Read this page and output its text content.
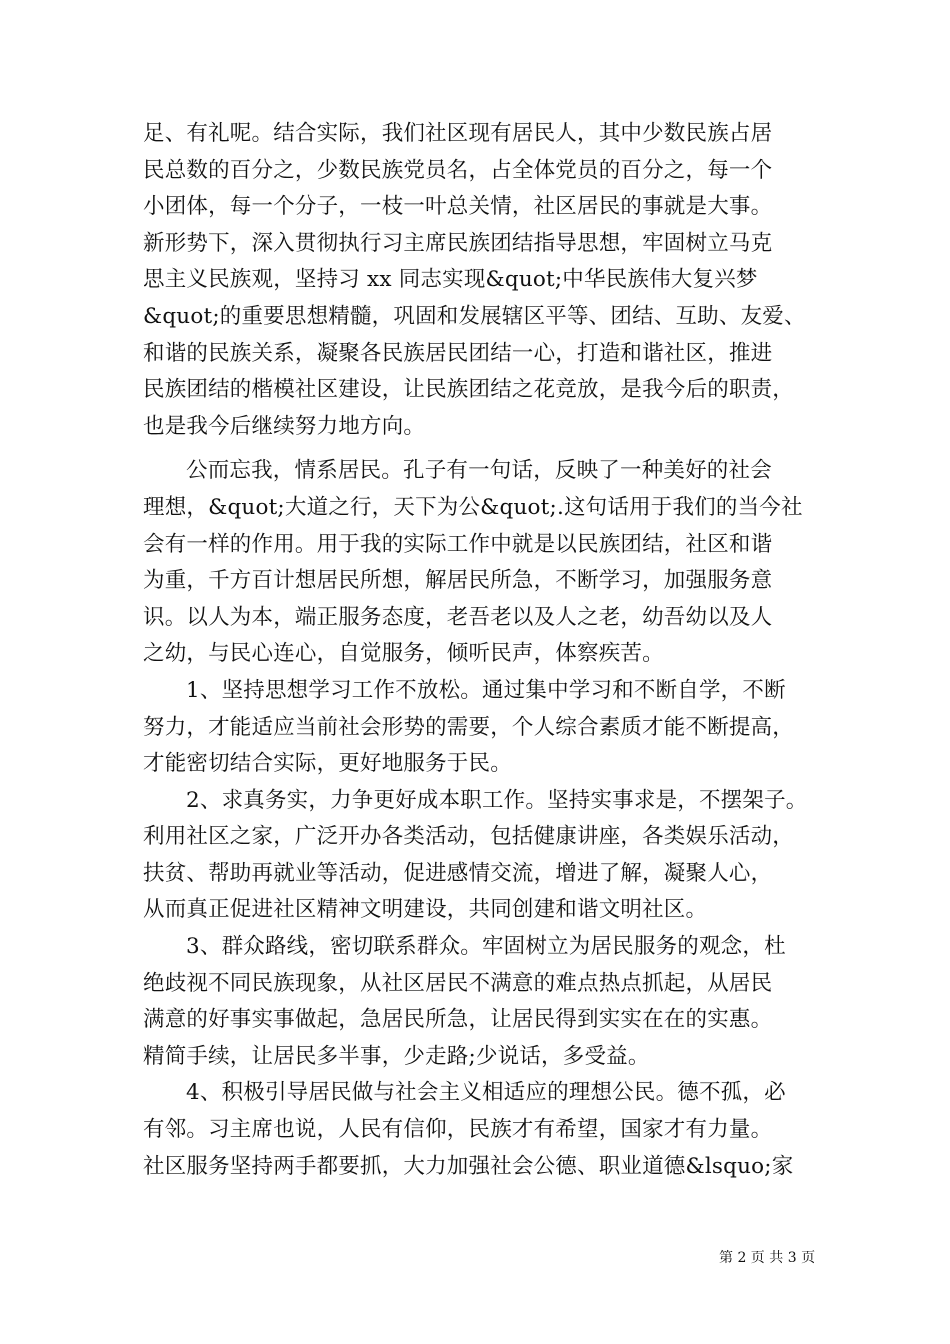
足、有礼呢。结合实际，我们社区现有居民人，其中少数民族占居
民总数的百分之，少数民族党员名，占全体党员的百分之，每一个
小团体，每一个分子，一枝一叶总关情，社区居民的事就是大事。
新形势下，深入贯彻执行习主席民族团结指导思想，牢固树立马克
思主义民族观，坚持习 xx 同志实现&quot;中华民族伟大复兴梦
&quot;的重要思想精髓，巩固和发展辖区平等、团结、互助、友爱、
和谐的民族关系，凝聚各民族居民团结一心，打造和谐社区，推进
民族团结的楷模社区建设，让民族团结之花竞放，是我今后的职责，
也是我今后继续努力地方向。
公而忘我，情系居民。孔子有一句话，反映了一种美好的社会
理想，&quot;大道之行，天下为公&quot;.这句话用于我们的当今社
会有一样的作用。用于我的实际工作中就是以民族团结，社区和谐
为重，千方百计想居民所想，解居民所急，不断学习，加强服务意
识。以人为本，端正服务态度，老吾老以及人之老，幼吾幼以及人
之幼，与民心连心，自觉服务，倾听民声，体察疾苦。
1、坚持思想学习工作不放松。通过集中学习和不断自学，不断
努力，才能适应当前社会形势的需要，个人综合素质才能不断提高，
才能密切结合实际，更好地服务于民。
2、求真务实，力争更好成本职工作。坚持实事求是，不摆架子。
利用社区之家，广泛开办各类活动，包括健康讲座，各类娱乐活动，
扶贫、帮助再就业等活动，促进感情交流，增进了解，凝聚人心，
从而真正促进社区精神文明建设，共同创建和谐文明社区。
3、群众路线，密切联系群众。牢固树立为居民服务的观念，杜
绝歧视不同民族现象，从社区居民不满意的难点热点抓起，从居民
满意的好事实事做起，急居民所急，让居民得到实实在在的实惠。
精简手续，让居民多半事，少走路;少说话，多受益。
4、积极引导居民做与社会主义相适应的理想公民。德不孤，必
有邻。习主席也说，人民有信仰，民族才有希望，国家才有力量。
社区服务坚持两手都要抓，大力加强社会公德、职业道德&lsquo;家
第 2 页 共 3 页
